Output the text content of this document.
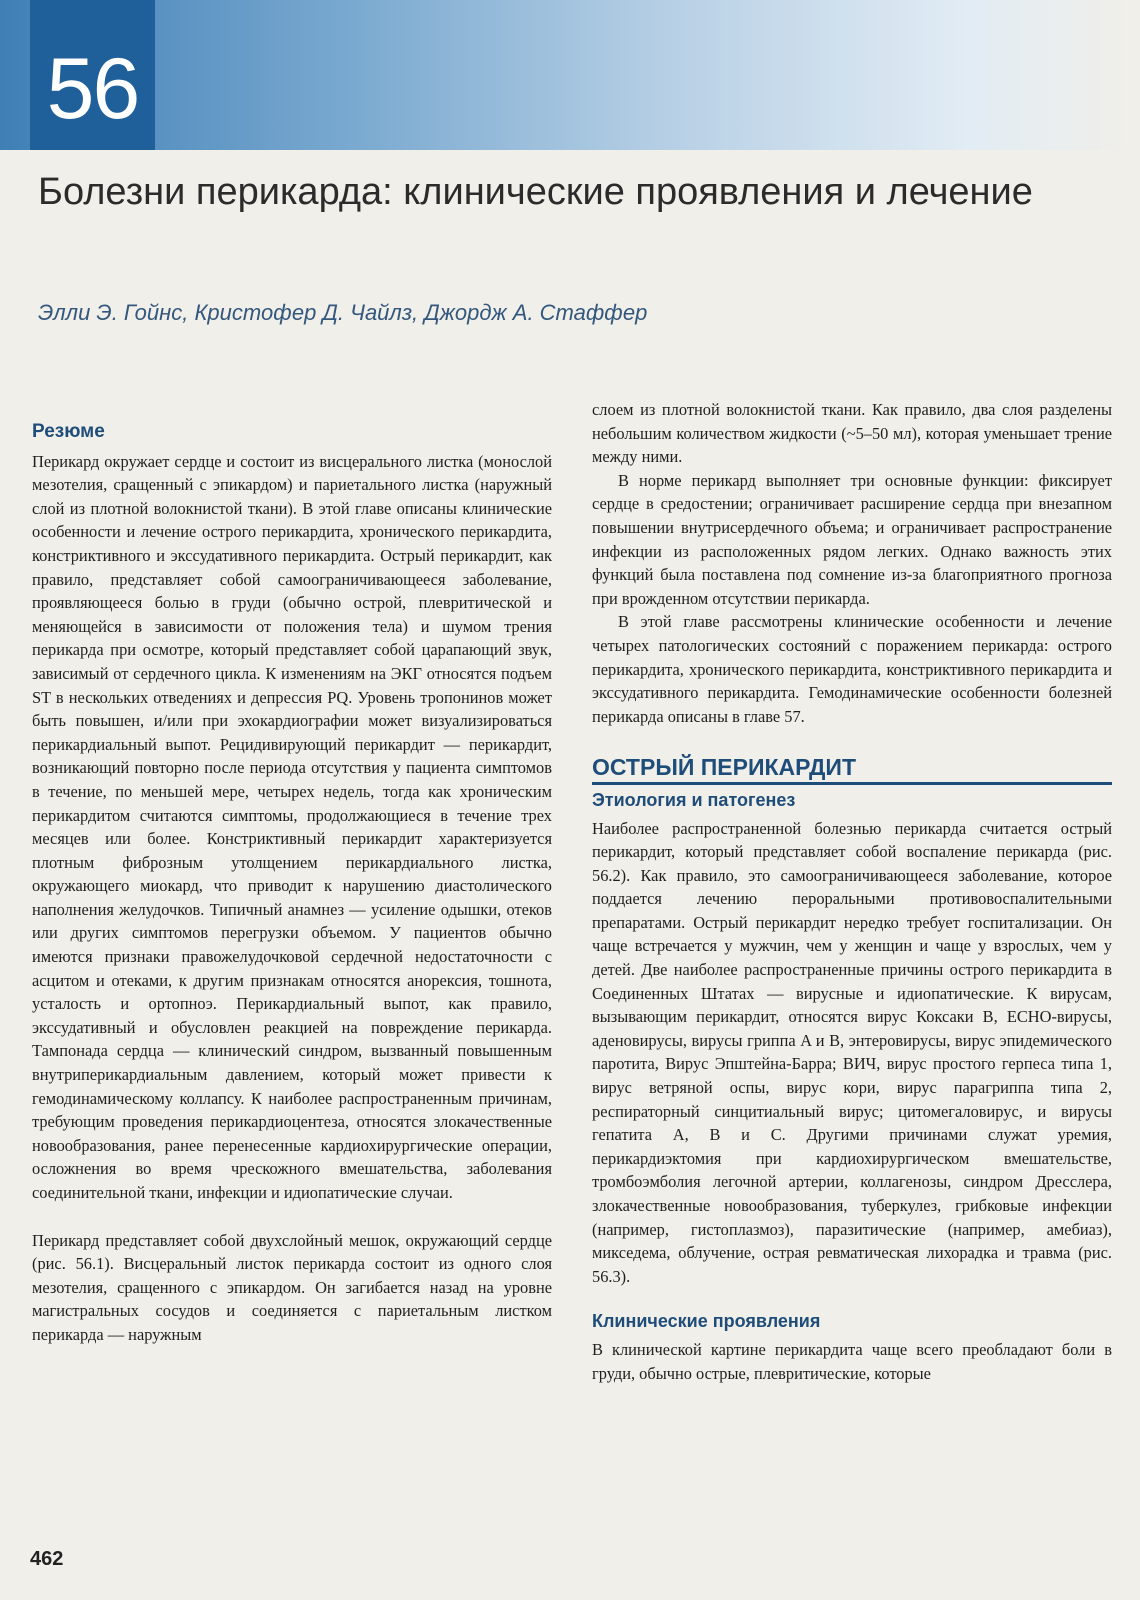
56
Болезни перикарда: клинические проявления и лечение
Элли Э. Гойнс, Кристофер Д. Чайлз, Джордж А. Стаффер
Резюме

Перикард окружает сердце и состоит из висцерального листка (монослой мезотелия, сращенный с эпикардом) и париетального листка (наружный слой из плотной волокнистой ткани). В этой главе описаны клинические особенности и лечение острого перикардита, хронического перикардита, констриктивного и экссудативного перикардита. Острый перикардит, как правило, представляет собой самоограничивающееся заболевание, проявляющееся болью в груди (обычно острой, плевритической и меняющейся в зависимости от положения тела) и шумом трения перикарда при осмотре, который представляет собой царапающий звук, зависимый от сердечного цикла. К изменениям на ЭКГ относятся подъем ST в нескольких отведениях и депрессия PQ. Уровень тропонинов может быть повышен, и/или при эхокардиографии может визуализироваться перикардиальный выпот. Рецидивирующий перикардит — перикардит, возникающий повторно после периода отсутствия у пациента симптомов в течение, по меньшей мере, четырех недель, тогда как хроническим перикардитом считаются симптомы, продолжающиеся в течение трех месяцев или более. Констриктивный перикардит характеризуется плотным фиброзным утолщением перикардиального листка, окружающего миокард, что приводит к нарушению диастолического наполнения желудочков. Типичный анамнез — усиление одышки, отеков или других симптомов перегрузки объемом. У пациентов обычно имеются признаки правожелудочковой сердечной недостаточности с асцитом и отеками, к другим признакам относятся анорексия, тошнота, усталость и ортопноэ. Перикардиальный выпот, как правило, экссудативный и обусловлен реакцией на повреждение перикарда. Тампонада сердца — клинический синдром, вызванный повышенным внутриперикардиальным давлением, который может привести к гемодинамическому коллапсу. К наиболее распространенным причинам, требующим проведения перикардиоцентеза, относятся злокачественные новообразования, ранее перенесенные кардиохирургические операции, осложнения во время чрескожного вмешательства, заболевания соединительной ткани, инфекции и идиопатические случаи.

Перикард представляет собой двухслойный мешок, окружающий сердце (рис. 56.1). Висцеральный листок перикарда состоит из одного слоя мезотелия, сращенного с эпикардом. Он загибается назад на уровне магистральных сосудов и соединяется с париетальным листком перикарда — наружным

слоем из плотной волокнистой ткани. Как правило, два слоя разделены небольшим количеством жидкости (~5–50 мл), которая уменьшает трение между ними.

В норме перикард выполняет три основные функции: фиксирует сердце в средостении; ограничивает расширение сердца при внезапном повышении внутрисердечного объема; и ограничивает распространение инфекции из расположенных рядом легких. Однако важность этих функций была поставлена под сомнение из-за благоприятного прогноза при врожденном отсутствии перикарда.

В этой главе рассмотрены клинические особенности и лечение четырех патологических состояний с поражением перикарда: острого перикардита, хронического перикардита, констриктивного перикардита и экссудативного перикардита. Гемодинамические особенности болезней перикарда описаны в главе 57.

ОСТРЫЙ ПЕРИКАРДИТ
Этиология и патогенез

Наиболее распространенной болезнью перикарда считается острый перикардит, который представляет собой воспаление перикарда (рис. 56.2). Как правило, это самоограничивающееся заболевание, которое поддается лечению пероральными противовоспалительными препаратами. Острый перикардит нередко требует госпитализации. Он чаще встречается у мужчин, чем у женщин и чаще у взрослых, чем у детей. Две наиболее распространенные причины острого перикардита в Соединенных Штатах — вирусные и идиопатические. К вирусам, вызывающим перикардит, относятся вирус Коксаки B, ECHO-вирусы, аденовирусы, вирусы гриппа A и B, энтеровирусы, вирус эпидемического паротита, Вирус Эпштейна-Барра; ВИЧ, вирус простого герпеса типа 1, вирус ветряной оспы, вирус кори, вирус парагриппа типа 2, респираторный синцитиальный вирус; цитомегаловирус, и вирусы гепатита A, B и C. Другими причинами служат уремия, перикардиэктомия при кардиохирургическом вмешательстве, тромбоэмболия легочной артерии, коллагенозы, синдром Дресслера, злокачественные новообразования, туберкулез, грибковые инфекции (например, гистоплазмоз), паразитические (например, амебиаз), микседема, облучение, острая ревматическая лихорадка и травма (рис. 56.3).

Клинические проявления

В клинической картине перикардита чаще всего преобладают боли в груди, обычно острые, плевритические, которые

462
